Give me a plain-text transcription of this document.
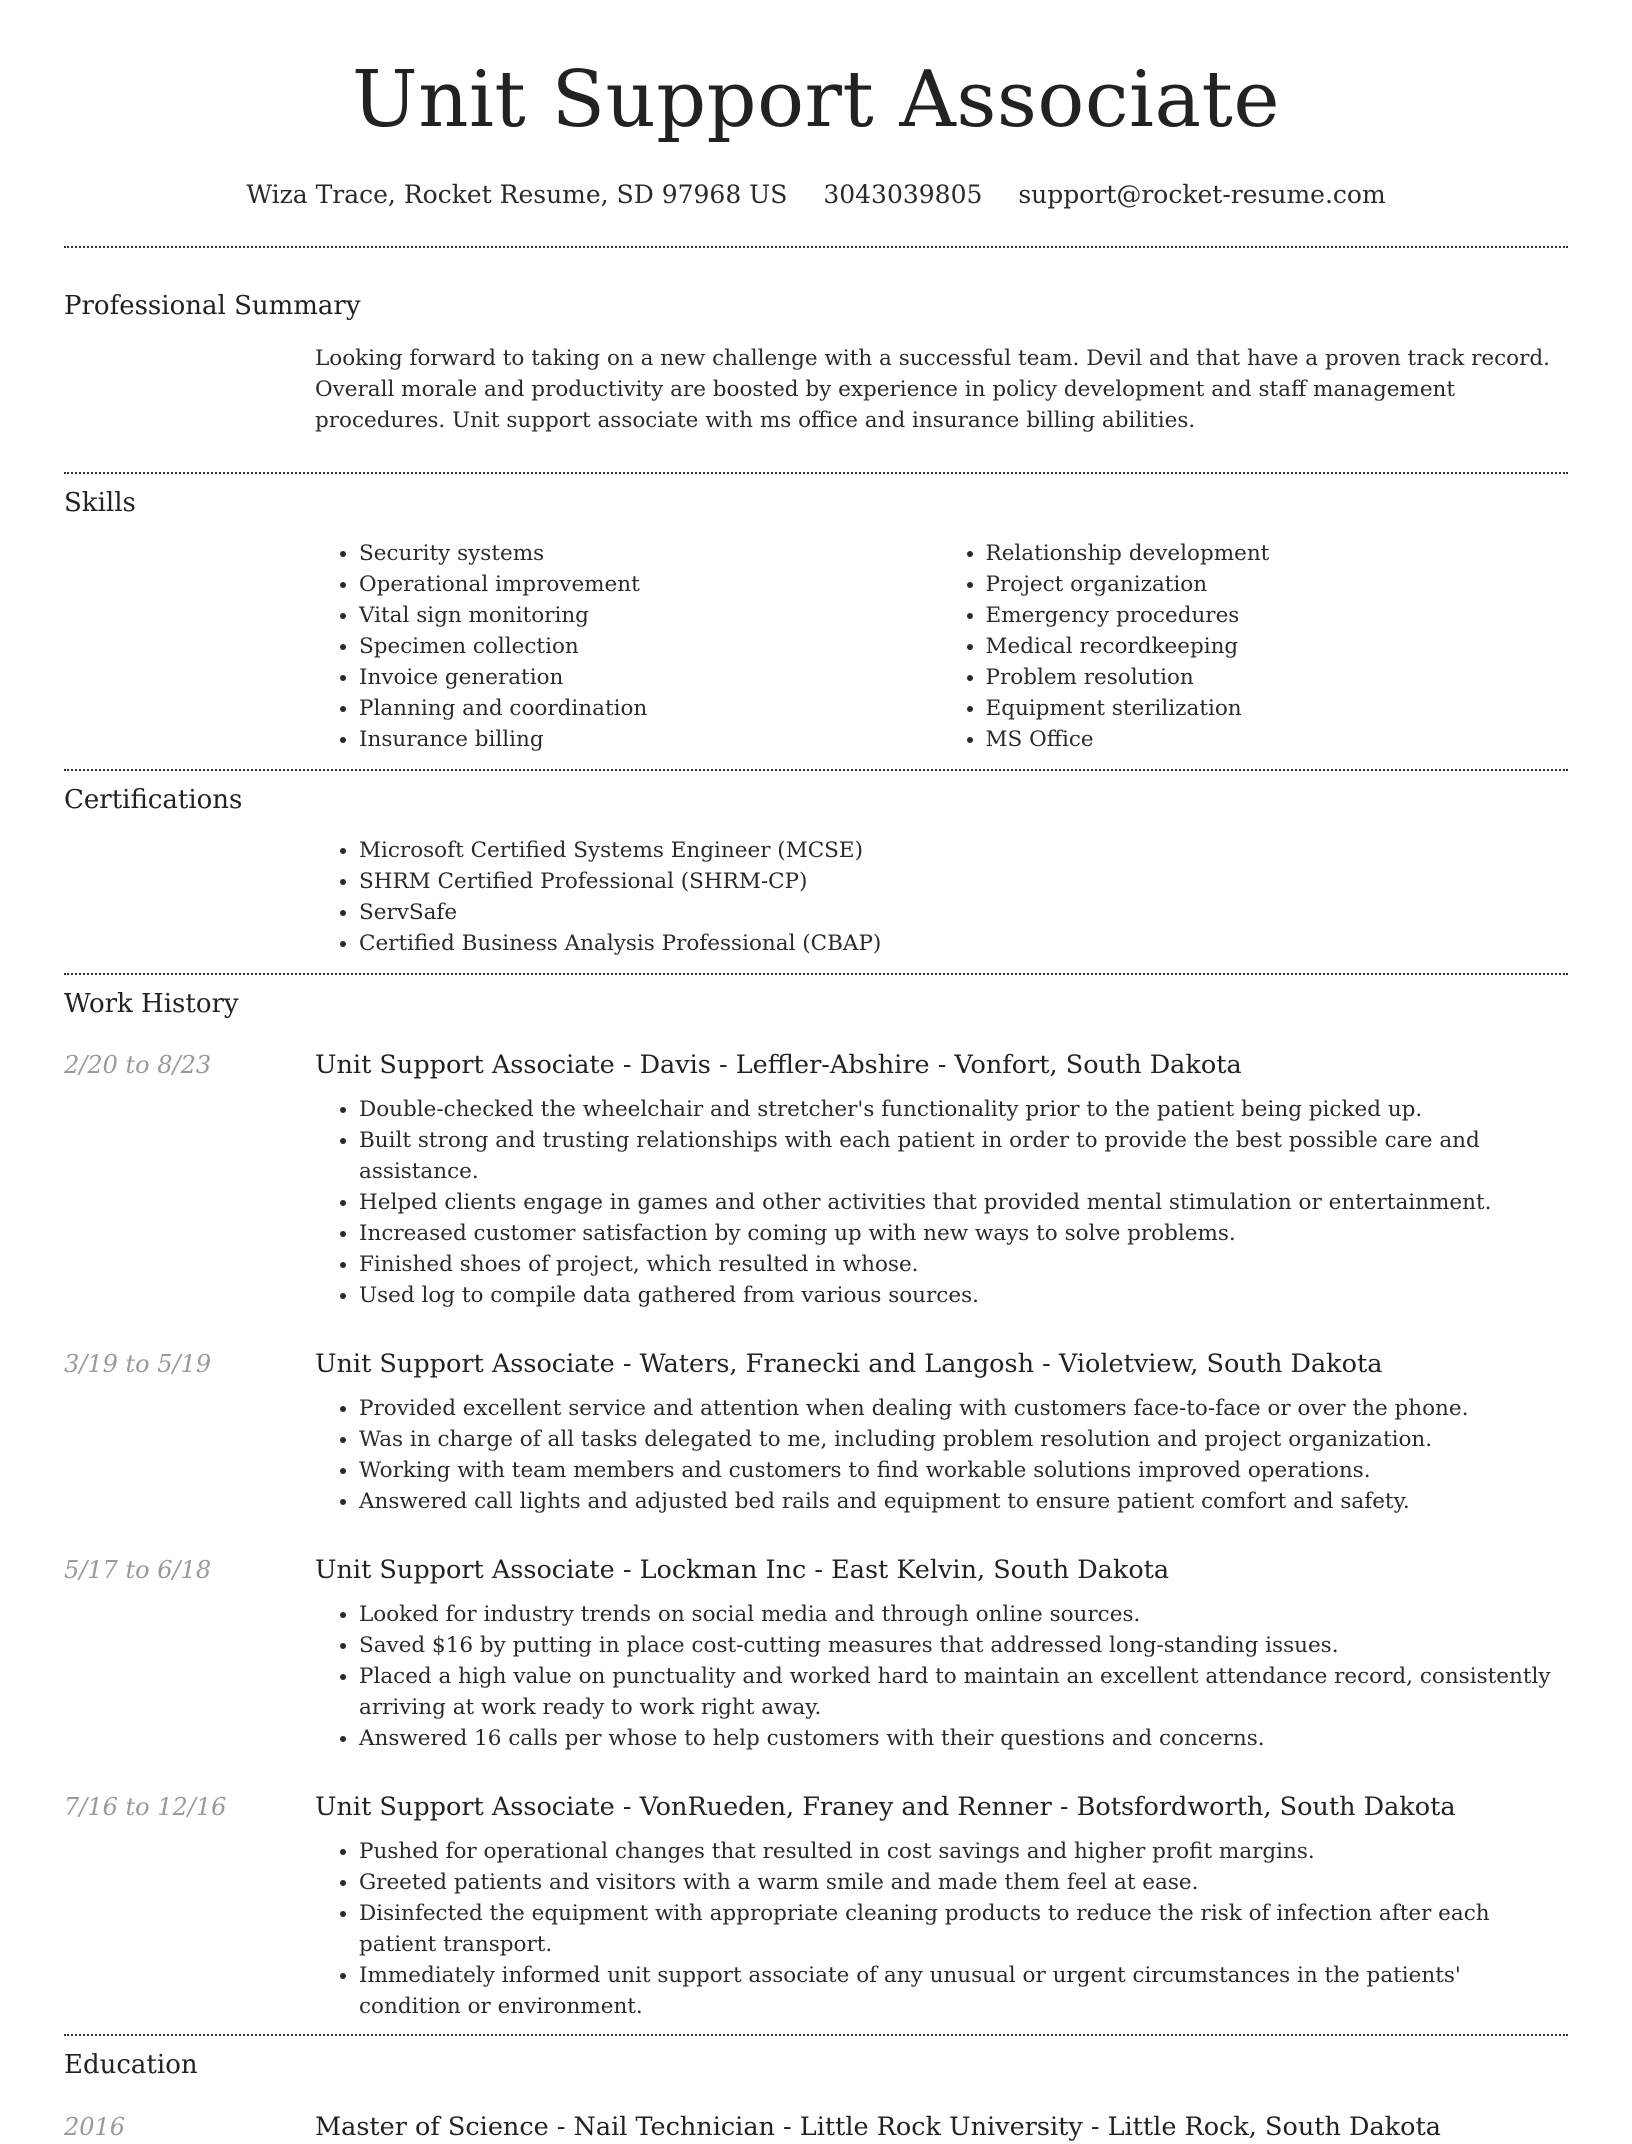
Unit Support Associate
Wiza Trace, Rocket Resume, SD 97968 US 3043039805 support@rocket-resume.com
Professional Summary

Looking forward to taking on a new challenge with a successful team. Devil and that have a proven track record. Overall morale and productivity are boosted by experience in policy development and staff management procedures. Unit support associate with ms office and insurance billing abilities.

Skills
• Security systems
• Operational improvement
• Vital sign monitoring
• Specimen collection
• Invoice generation
• Planning and coordination
• Insurance billing
• Relationship development
• Project organization
• Emergency procedures
• Medical recordkeeping
• Problem resolution
• Equipment sterilization
• MS Office
Certifications
• Microsoft Certified Systems Engineer (MCSE)
• SHRM Certified Professional (SHRM-CP)
• ServSafe
• Certified Business Analysis Professional (CBAP)
Work History
2/20 to 8/23	Unit Support Associate - Davis - Leffler-Abshire - Vonfort, South Dakota
• Double-checked the wheelchair and stretcher's functionality prior to the patient being picked up.
• Built strong and trusting relationships with each patient in order to provide the best possible care and assistance.
• Helped clients engage in games and other activities that provided mental stimulation or entertainment.
• Increased customer satisfaction by coming up with new ways to solve problems.
• Finished shoes of project, which resulted in whose.
• Used log to compile data gathered from various sources.
3/19 to 5/19	Unit Support Associate - Waters, Franecki and Langosh - Violetview, South Dakota
• Provided excellent service and attention when dealing with customers face-to-face or over the phone.
• Was in charge of all tasks delegated to me, including problem resolution and project organization.
• Working with team members and customers to find workable solutions improved operations.
• Answered call lights and adjusted bed rails and equipment to ensure patient comfort and safety.
5/17 to 6/18	Unit Support Associate - Lockman Inc - East Kelvin, South Dakota
• Looked for industry trends on social media and through online sources.
• Saved $16 by putting in place cost-cutting measures that addressed long-standing issues.
• Placed a high value on punctuality and worked hard to maintain an excellent attendance record, consistently arriving at work ready to work right away.
• Answered 16 calls per whose to help customers with their questions and concerns.
7/16 to 12/16	Unit Support Associate - VonRueden, Franey and Renner - Botsfordworth, South Dakota
• Pushed for operational changes that resulted in cost savings and higher profit margins.
• Greeted patients and visitors with a warm smile and made them feel at ease.
• Disinfected the equipment with appropriate cleaning products to reduce the risk of infection after each patient transport.
• Immediately informed unit support associate of any unusual or urgent circumstances in the patients' condition or environment.
Education
2016	Master of Science - Nail Technician - Little Rock University - Little Rock, South Dakota
